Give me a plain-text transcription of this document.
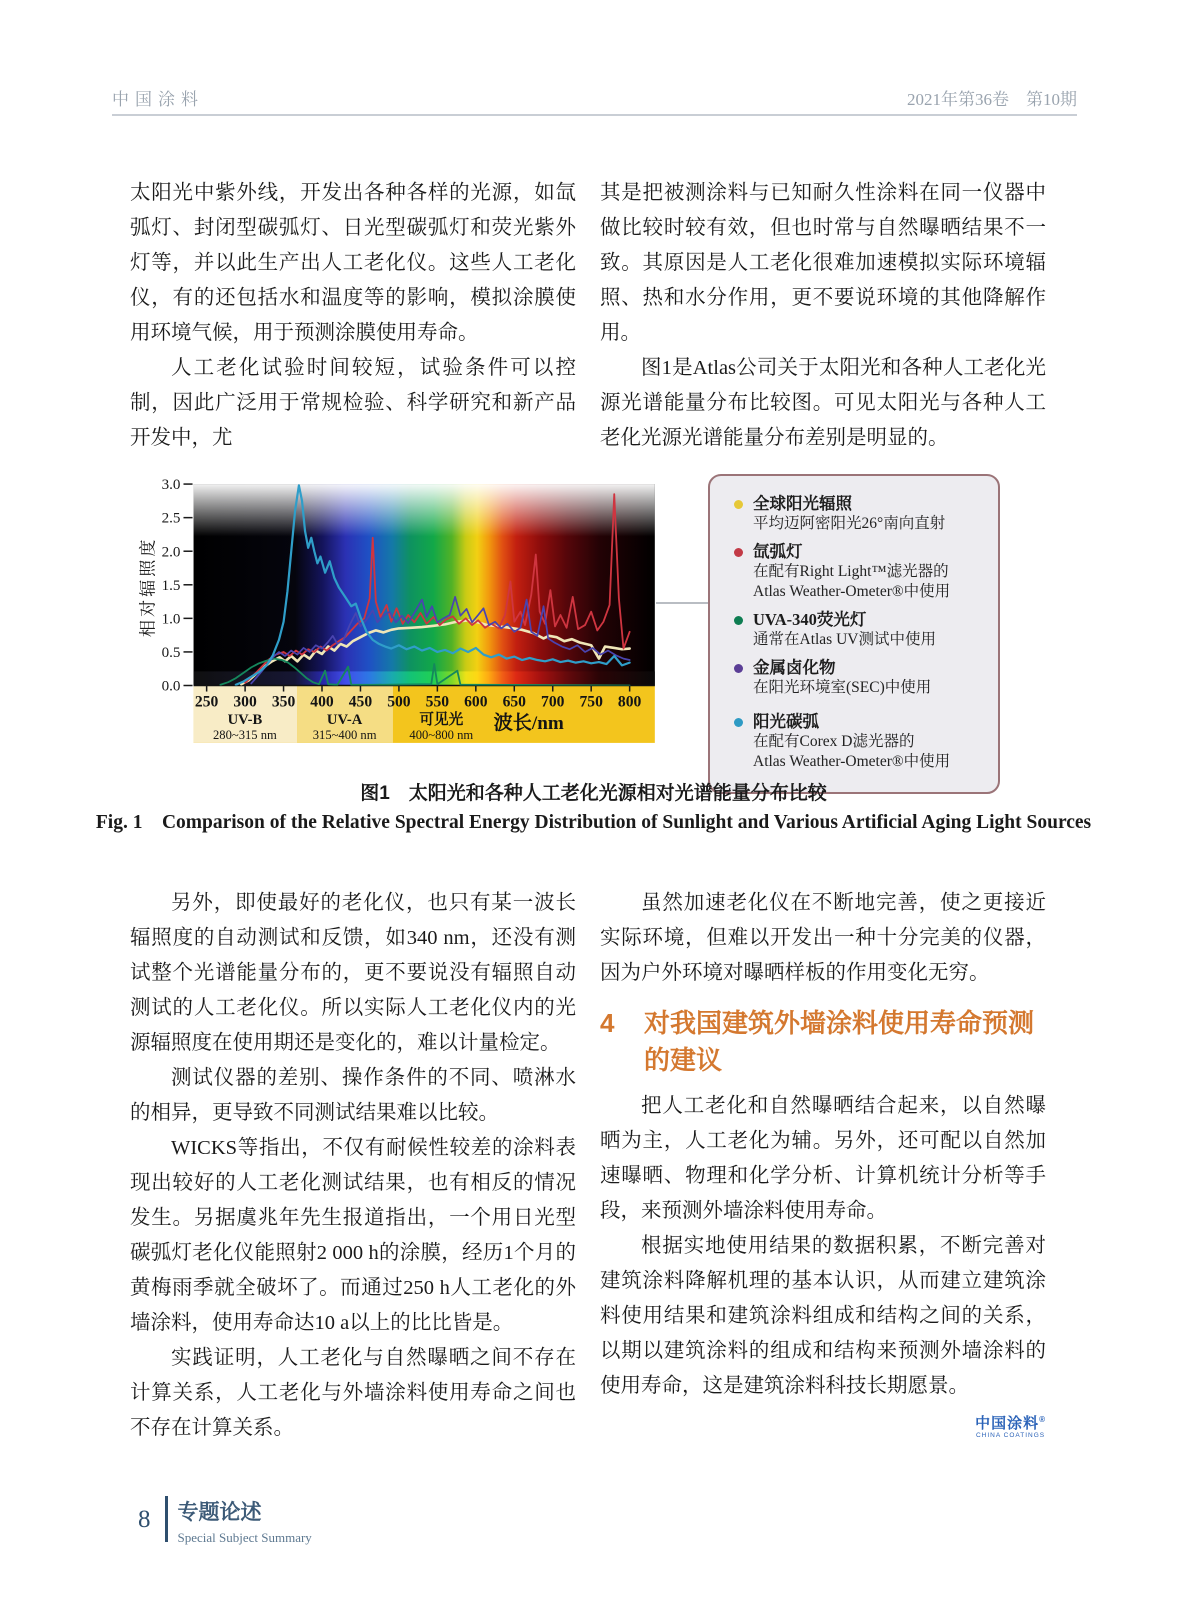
中国涂料	2021年第36卷　第10期

太阳光中紫外线，开发出各种各样的光源，如氙弧灯、封闭型碳弧灯、日光型碳弧灯和荧光紫外灯等，并以此生产出人工老化仪。这些人工老化仪，有的还包括水和温度等的影响，模拟涂膜使用环境气候，用于预测涂膜使用寿命。

人工老化试验时间较短，试验条件可以控制，因此广泛用于常规检验、科学研究和新产品开发中，尤

其是把被测涂料与已知耐久性涂料在同一仪器中做比较时较有效，但也时常与自然曝晒结果不一致。其原因是人工老化很难加速模拟实际环境辐照、热和水分作用，更不要说环境的其他降解作用。

图1是Atlas公司关于太阳光和各种人工老化光源光谱能量分布比较图。可见太阳光与各种人工老化光源光谱能量分布差别是明显的。

250 300 350 400 450 500 550 600 650 700 750 800
0.0
0.5
1.0
1.5
2.0
2.5
3.0
UV-B
280~315 nm
UV-A
315~400 nm
可见光
400~800 nm
波长/nm
相对辐照度
全球阳光辐照
平均迈阿密阳光26°南向直射
氙弧灯
在配有Right Light™滤光器的
Atlas Weather-Ometer®中使用
UVA-340荧光灯
通常在Atlas UV测试中使用
金属卤化物
在阳光环境室(SEC)中使用
阳光碳弧
在配有Corex D滤光器的
Atlas Weather-Ometer®中使用
图1　太阳光和各种人工老化光源相对光谱能量分布比较
Fig. 1　Comparison of the Relative Spectral Energy Distribution of Sunlight and Various Artificial Aging Light Sources

另外，即使最好的老化仪，也只有某一波长辐照度的自动测试和反馈，如340 nm，还没有测试整个光谱能量分布的，更不要说没有辐照自动测试的人工老化仪。所以实际人工老化仪内的光源辐照度在使用期还是变化的，难以计量检定。

测试仪器的差别、操作条件的不同、喷淋水的相异，更导致不同测试结果难以比较。

WICKS等指出，不仅有耐候性较差的涂料表现出较好的人工老化测试结果，也有相反的情况发生。另据虞兆年先生报道指出，一个用日光型碳弧灯老化仪能照射2 000 h的涂膜，经历1个月的黄梅雨季就全破坏了。而通过250 h人工老化的外墙涂料，使用寿命达10 a以上的比比皆是。

实践证明，人工老化与自然曝晒之间不存在计算关系，人工老化与外墙涂料使用寿命之间也不存在计算关系。

虽然加速老化仪在不断地完善，使之更接近实际环境，但难以开发出一种十分完美的仪器，因为户外环境对曝晒样板的作用变化无穷。

4	对我国建筑外墙涂料使用寿命预测
的建议

把人工老化和自然曝晒结合起来，以自然曝晒为主，人工老化为辅。另外，还可配以自然加速曝晒、物理和化学分析、计算机统计分析等手段，来预测外墙涂料使用寿命。

根据实地使用结果的数据积累，不断完善对建筑涂料降解机理的基本认识，从而建立建筑涂料使用结果和建筑涂料组成和结构之间的关系，以期以建筑涂料的组成和结构来预测外墙涂料的使用寿命，这是建筑涂料科技长期愿景。

中国涂料®
CHINA COATINGS
8 专题论述
Special Subject Summary
